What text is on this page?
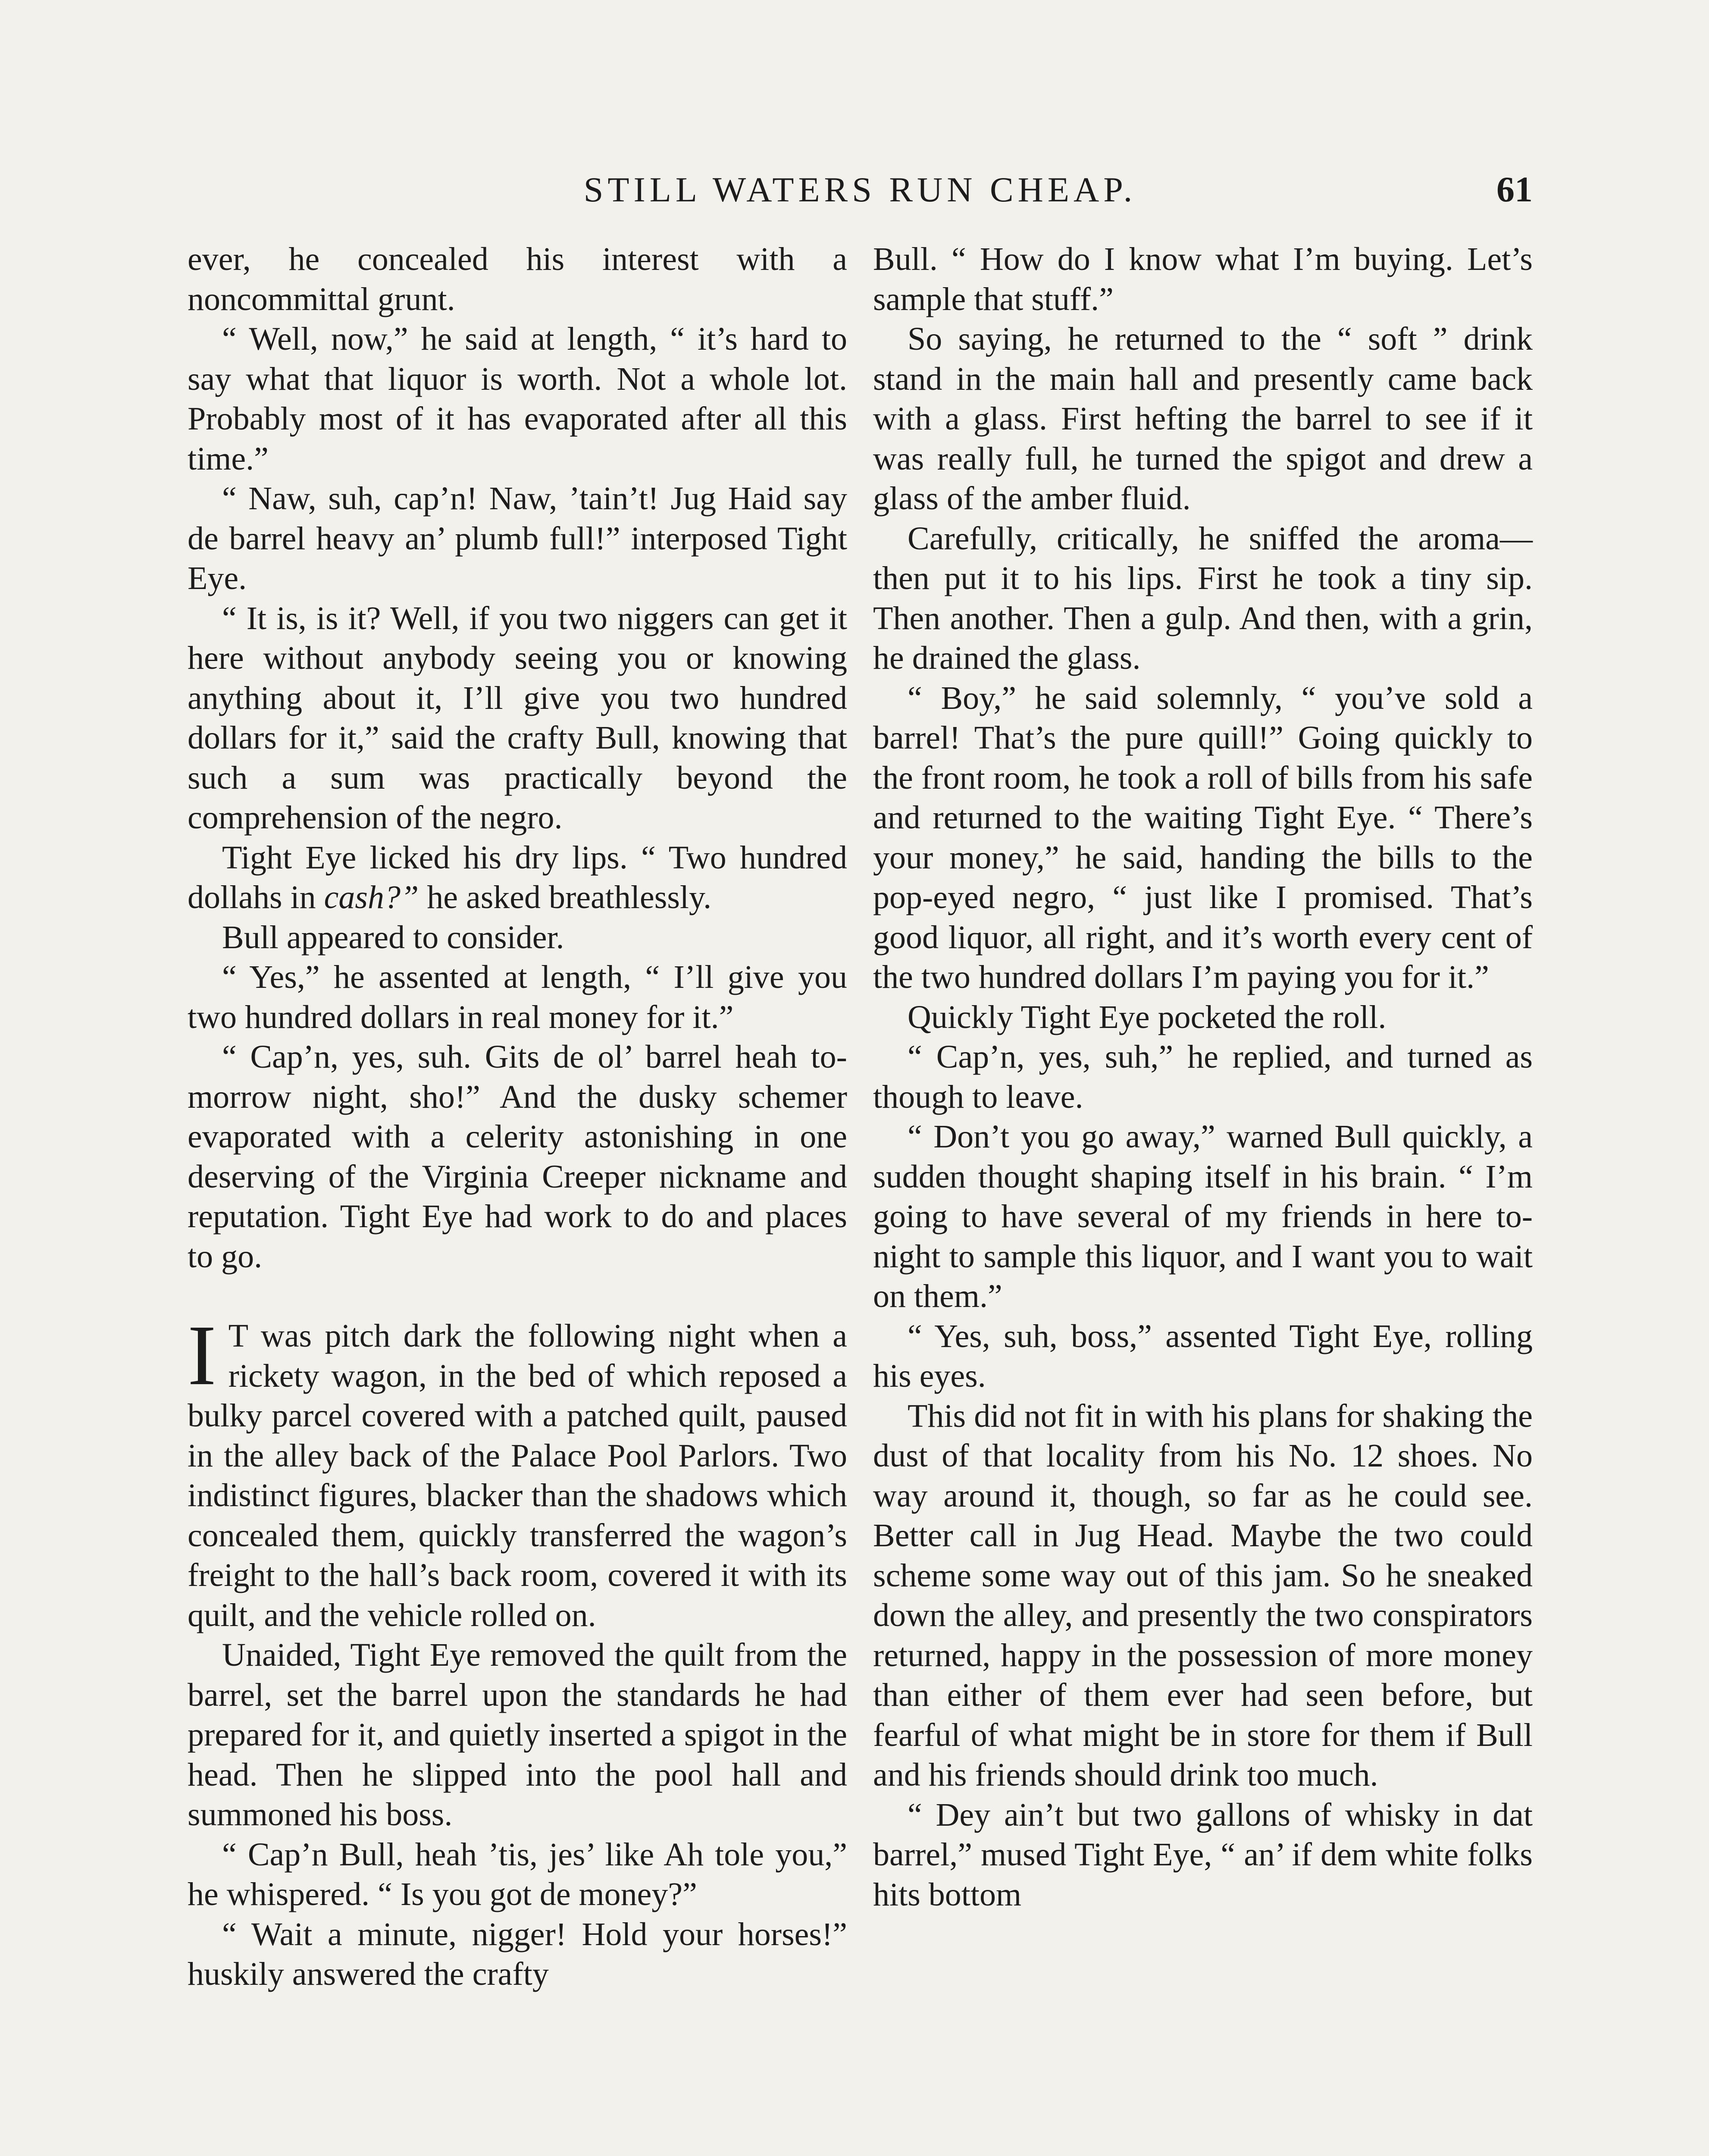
STILL WATERS RUN CHEAP.	61

ever, he concealed his interest with a noncommittal grunt.

“ Well, now,” he said at length, “ it’s hard to say what that liquor is worth. Not a whole lot. Probably most of it has evaporated after all this time.”

“ Naw, suh, cap’n! Naw, ’tain’t! Jug Haid say de barrel heavy an’ plumb full!” interposed Tight Eye.

“ It is, is it? Well, if you two niggers can get it here without anybody seeing you or knowing anything about it, I’ll give you two hundred dollars for it,” said the crafty Bull, knowing that such a sum was practically beyond the comprehension of the negro.

Tight Eye licked his dry lips. “ Two hundred dollahs in cash?” he asked breathlessly.

Bull appeared to consider.

“ Yes,” he assented at length, “ I’ll give you two hundred dollars in real money for it.”

“ Cap’n, yes, suh. Gits de ol’ barrel heah to-morrow night, sho!” And the dusky schemer evaporated with a celerity astonishing in one deserving of the Virginia Creeper nickname and reputation. Tight Eye had work to do and places to go.

I T was pitch dark the following night when a rickety wagon, in the bed of which reposed a bulky parcel covered with a patched quilt, paused in the alley back of the Palace Pool Parlors. Two indistinct figures, blacker than the shadows which concealed them, quickly transferred the wagon’s freight to the hall’s back room, covered it with its quilt, and the vehicle rolled on.

Unaided, Tight Eye removed the quilt from the barrel, set the barrel upon the standards he had prepared for it, and quietly inserted a spigot in the head. Then he slipped into the pool hall and summoned his boss.

“ Cap’n Bull, heah ’tis, jes’ like Ah tole you,” he whispered. “ Is you got de money?”

“ Wait a minute, nigger! Hold your horses!” huskily answered the crafty

Bull. “ How do I know what I’m buying. Let’s sample that stuff.”

So saying, he returned to the “ soft ” drink stand in the main hall and presently came back with a glass. First hefting the barrel to see if it was really full, he turned the spigot and drew a glass of the amber fluid.

Carefully, critically, he sniffed the aroma—then put it to his lips. First he took a tiny sip. Then another. Then a gulp. And then, with a grin, he drained the glass.

“ Boy,” he said solemnly, “ you’ve sold a barrel! That’s the pure quill!” Going quickly to the front room, he took a roll of bills from his safe and returned to the waiting Tight Eye. “ There’s your money,” he said, handing the bills to the pop-eyed negro, “ just like I promised. That’s good liquor, all right, and it’s worth every cent of the two hundred dollars I’m paying you for it.”

Quickly Tight Eye pocketed the roll.

“ Cap’n, yes, suh,” he replied, and turned as though to leave.

“ Don’t you go away,” warned Bull quickly, a sudden thought shaping itself in his brain. “ I’m going to have several of my friends in here to-night to sample this liquor, and I want you to wait on them.”

“ Yes, suh, boss,” assented Tight Eye, rolling his eyes.

This did not fit in with his plans for shaking the dust of that locality from his No. 12 shoes. No way around it, though, so far as he could see. Better call in Jug Head. Maybe the two could scheme some way out of this jam. So he sneaked down the alley, and presently the two conspirators returned, happy in the possession of more money than either of them ever had seen before, but fearful of what might be in store for them if Bull and his friends should drink too much.

“ Dey ain’t but two gallons of whisky in dat barrel,” mused Tight Eye, “ an’ if dem white folks hits bottom
